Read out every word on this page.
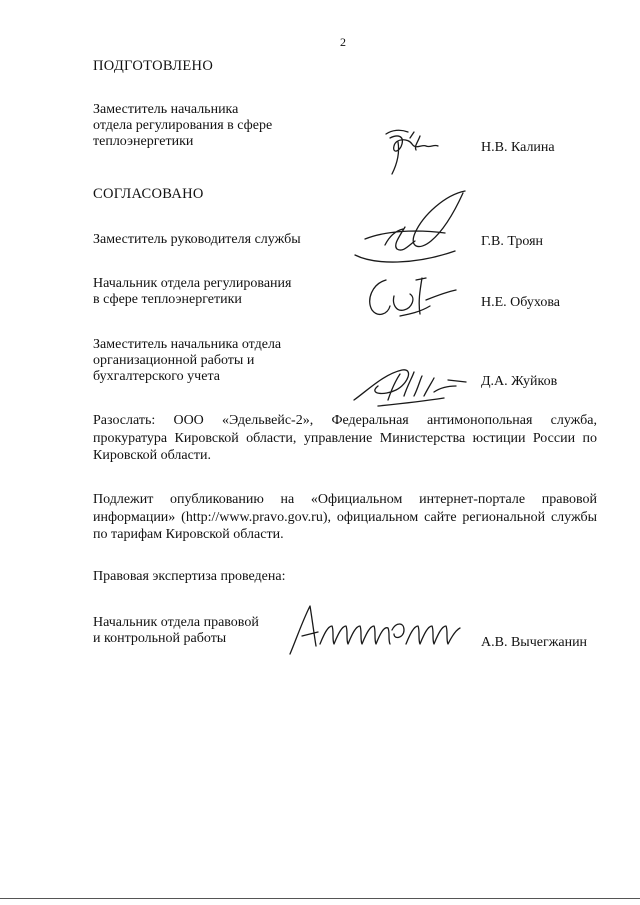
2
ПОДГОТОВЛЕНО
Заместитель начальника
отдела регулирования в сфере
теплоэнергетики	Н.В. Калина
СОГЛАСОВАНО
Заместитель руководителя службы	Г.В. Троян
Начальник отдела регулирования
в сфере теплоэнергетики	Н.Е. Обухова
Заместитель начальника отдела
организационной работы и
бухгалтерского учета	Д.А. Жуйков
Разослать: ООО «Эдельвейс-2», Федеральная антимонопольная служба, прокуратура Кировской области, управление Министерства юстиции России по Кировской области.
Подлежит опубликованию на «Официальном интернет-портале правовой информации» (http://www.pravo.gov.ru), официальном сайте региональной службы по тарифам Кировской области.
Правовая экспертиза проведена:
Начальник отдела правовой
и контрольной работы	А.В. Вычегжанин
